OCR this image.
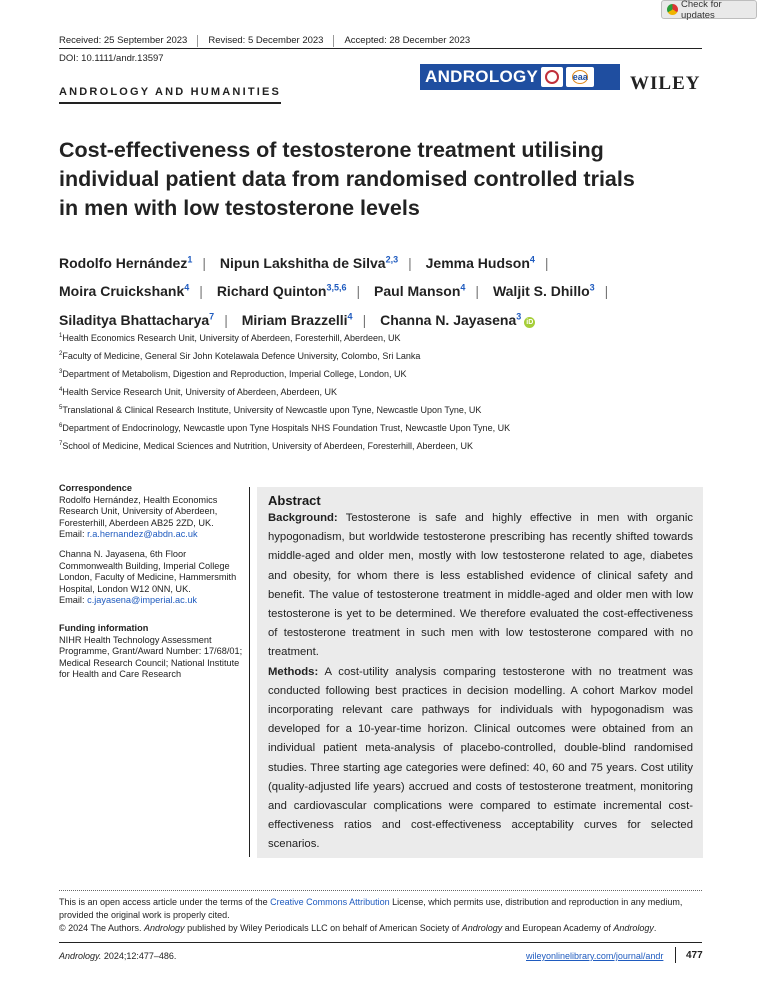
Check for updates
Received: 25 September 2023 Revised: 5 December 2023 Accepted: 28 December 2023
DOI: 10.1111/andr.13597
ANDROLOGY AND HUMANITIES
ANDROLOGY	eaa WILEY
Cost-effectiveness of testosterone treatment utilising individual patient data from randomised controlled trials in men with low testosterone levels
Rodolfo Hernández$^1$ | Nipun Lakshitha de Silva$^{2,3}$ | Jemma Hudson$^4$ |
Moira Cruickshank$^4$ | Richard Quinton$^{3,5,6}$ | Paul Manson$^4$ | Waljit S. Dhillo$^3$ |
Siladitya Bhattacharya$^7$ | Miriam Brazzelli$^4$ | Channa N. Jayasena$^3$iD
$^1$Health Economics Research Unit, University of Aberdeen, Foresterhill, Aberdeen, UK
$^2$Faculty of Medicine, General Sir John Kotelawala Defence University, Colombo, Sri Lanka
$^3$Department of Metabolism, Digestion and Reproduction, Imperial College, London, UK
$^4$Health Service Research Unit, University of Aberdeen, Aberdeen, UK
$^5$Translational & Clinical Research Institute, University of Newcastle upon Tyne, Newcastle Upon Tyne, UK
$^6$Department of Endocrinology, Newcastle upon Tyne Hospitals NHS Foundation Trust, Newcastle Upon Tyne, UK
$^7$School of Medicine, Medical Sciences and Nutrition, University of Aberdeen, Foresterhill, Aberdeen, UK
Correspondence
Rodolfo Hernández, Health Economics Research Unit, University of Aberdeen, Foresterhill, Aberdeen AB25 2ZD, UK.
Email: r.a.hernandez@abdn.ac.uk
Channa N. Jayasena, 6th Floor Commonwealth Building, Imperial College London, Faculty of Medicine, Hammersmith Hospital, London W12 0NN, UK.
Email: c.jayasena@imperial.ac.uk
Funding information
NIHR Health Technology Assessment Programme, Grant/Award Number: 17/68/01; Medical Research Council; National Institute for Health and Care Research
Abstract

Background: Testosterone is safe and highly effective in men with organic hypogonadism, but worldwide testosterone prescribing has recently shifted towards middle-aged and older men, mostly with low testosterone related to age, diabetes and obesity, for whom there is less established evidence of clinical safety and benefit. The value of testosterone treatment in middle-aged and older men with low testosterone is yet to be determined. We therefore evaluated the cost-effectiveness of testosterone treatment in such men with low testosterone compared with no treatment.

Methods: A cost-utility analysis comparing testosterone with no treatment was conducted following best practices in decision modelling. A cohort Markov model incorporating relevant care pathways for individuals with hypogonadism was developed for a 10-year-time horizon. Clinical outcomes were obtained from an individual patient meta-analysis of placebo-controlled, double-blind randomised studies. Three starting age categories were defined: 40, 60 and 75 years. Cost utility (quality-adjusted life years) accrued and costs of testosterone treatment, monitoring and cardiovascular complications were compared to estimate incremental cost-effectiveness ratios and cost-effectiveness acceptability curves for selected scenarios.

This is an open access article under the terms of the Creative Commons Attribution License, which permits use, distribution and reproduction in any medium, provided the original work is properly cited.
© 2024 The Authors. Andrology published by Wiley Periodicals LLC on behalf of American Society of Andrology and European Academy of Andrology.
Andrology. 2024;12:477–486.	wileyonlinelibrary.com/journal/andr 477
